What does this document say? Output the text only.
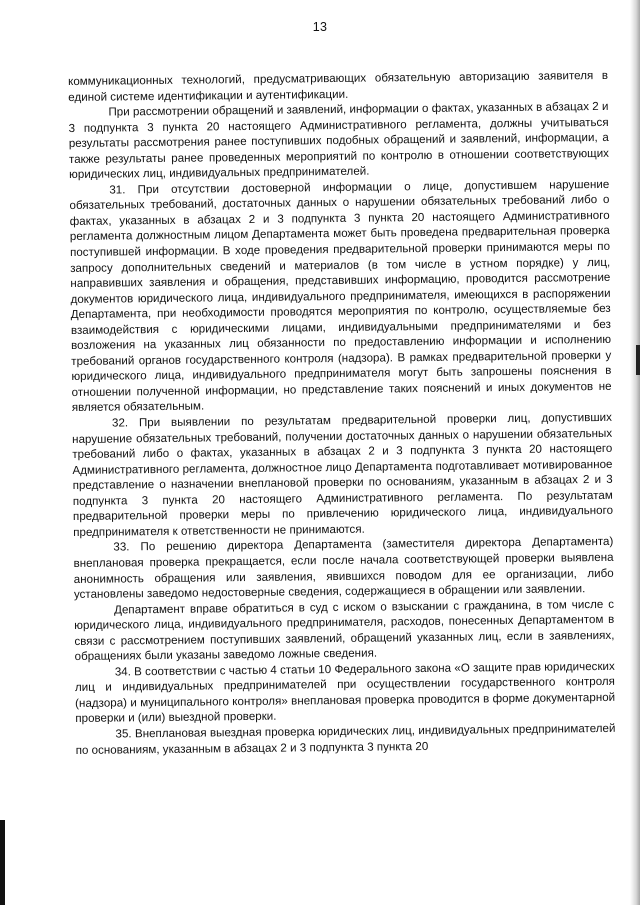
13

коммуникационных технологий, предусматривающих обязательную авторизацию заявителя в единой системе идентификации и аутентификации.

При рассмотрении обращений и заявлений, информации о фактах, указанных в абзацах 2 и 3 подпункта 3 пункта 20 настоящего Административного регламента, должны учитываться результаты рассмотрения ранее поступивших подобных обращений и заявлений, информации, а также результаты ранее проведенных мероприятий по контролю в отношении соответствующих юридических лиц, индивидуальных предпринимателей.

31. При отсутствии достоверной информации о лице, допустившем нарушение обязательных требований, достаточных данных о нарушении обязательных требований либо о фактах, указанных в абзацах 2 и 3 подпункта 3 пункта 20 настоящего Административного регламента должностным лицом Департамента может быть проведена предварительная проверка поступившей информации. В ходе проведения предварительной проверки принимаются меры по запросу дополнительных сведений и материалов (в том числе в устном порядке) у лиц, направивших заявления и обращения, представивших информацию, проводится рассмотрение документов юридического лица, индивидуального предпринимателя, имеющихся в распоряжении Департамента, при необходимости проводятся мероприятия по контролю, осуществляемые без взаимодействия с юридическими лицами, индивидуальными предпринимателями и без возложения на указанных лиц обязанности по предоставлению информации и исполнению требований органов государственного контроля (надзора). В рамках предварительной проверки у юридического лица, индивидуального предпринимателя могут быть запрошены пояснения в отношении полученной информации, но представление таких пояснений и иных документов не является обязательным.

32. При выявлении по результатам предварительной проверки лиц, допустивших нарушение обязательных требований, получении достаточных данных о нарушении обязательных требований либо о фактах, указанных в абзацах 2 и 3 подпункта 3 пункта 20 настоящего Административного регламента, должностное лицо Департамента подготавливает мотивированное представление о назначении внеплановой проверки по основаниям, указанным в абзацах 2 и 3 подпункта 3 пункта 20 настоящего Административного регламента. По результатам предварительной проверки меры по привлечению юридического лица, индивидуального предпринимателя к ответственности не принимаются.

33. По решению директора Департамента (заместителя директора Департамента) внеплановая проверка прекращается, если после начала соответствующей проверки выявлена анонимность обращения или заявления, явившихся поводом для ее организации, либо установлены заведомо недостоверные сведения, содержащиеся в обращении или заявлении.

Департамент вправе обратиться в суд с иском о взыскании с гражданина, в том числе с юридического лица, индивидуального предпринимателя, расходов, понесенных Департаментом в связи с рассмотрением поступивших заявлений, обращений указанных лиц, если в заявлениях, обращениях были указаны заведомо ложные сведения.

34. В соответствии с частью 4 статьи 10 Федерального закона «О защите прав юридических лиц и индивидуальных предпринимателей при осуществлении государственного контроля (надзора) и муниципального контроля» внеплановая проверка проводится в форме документарной проверки и (или) выездной проверки.

35. Внеплановая выездная проверка юридических лиц, индивидуальных предпринимателей по основаниям, указанным в абзацах 2 и 3 подпункта 3 пункта 20
